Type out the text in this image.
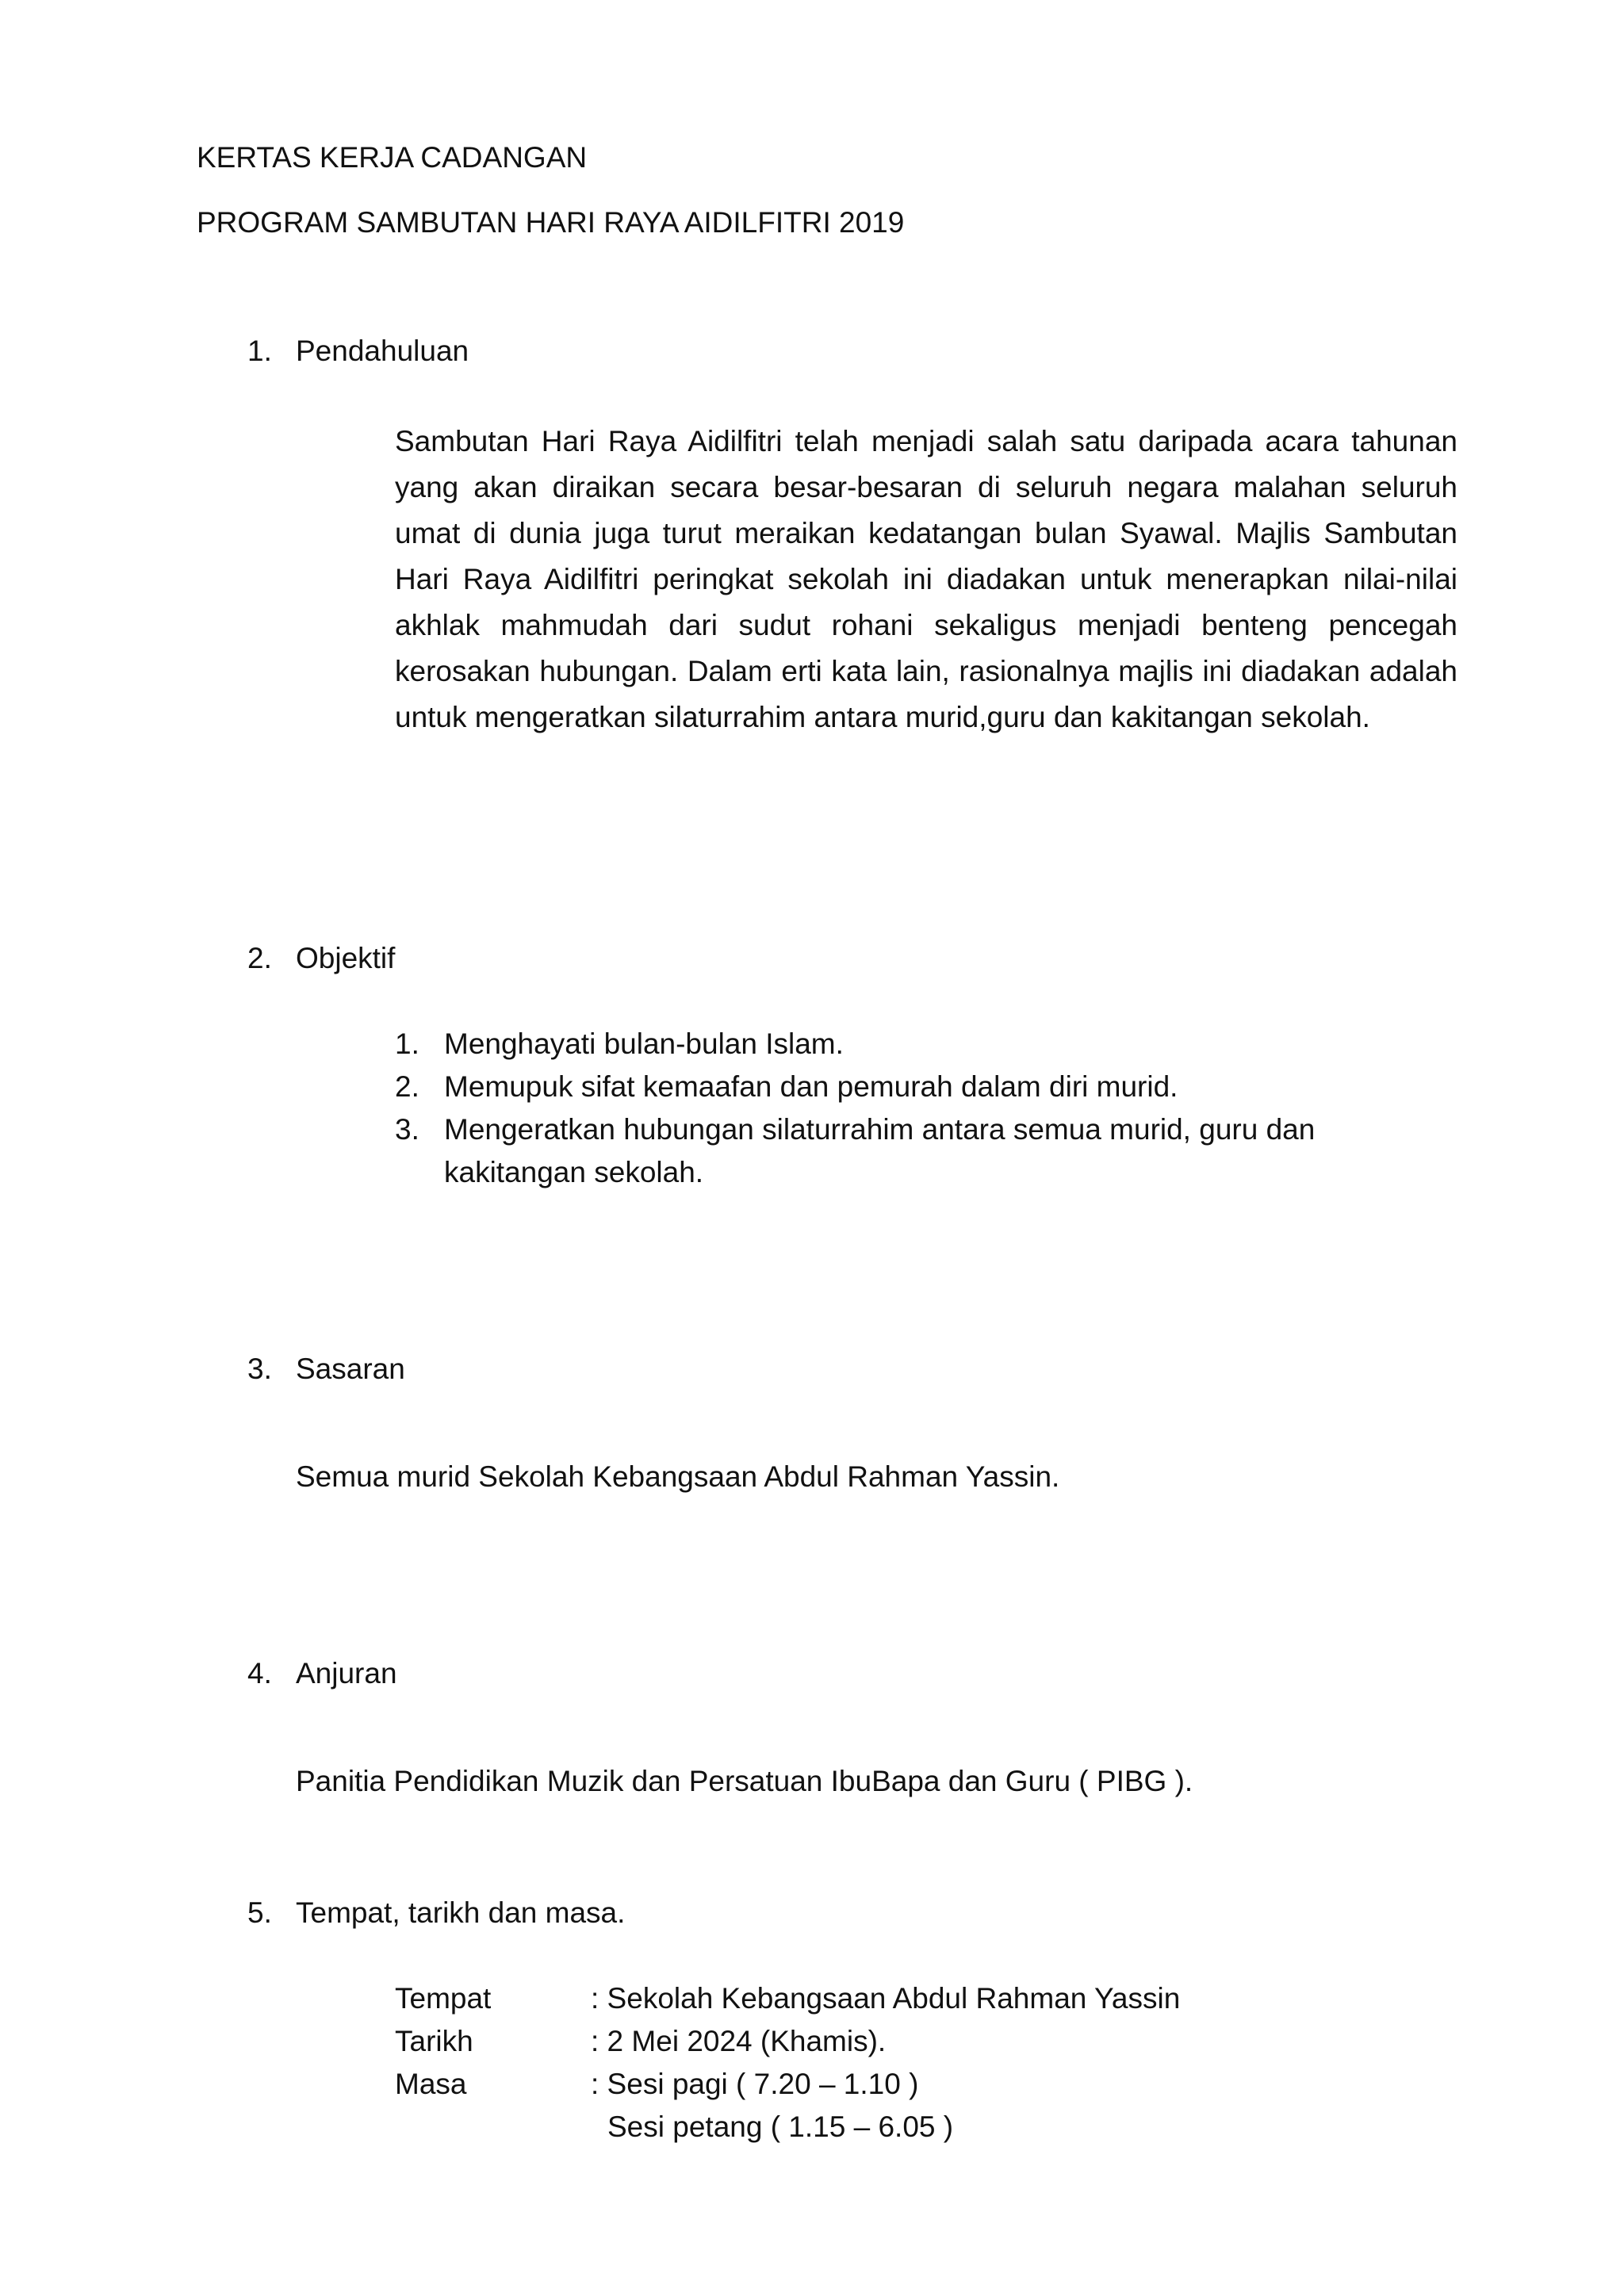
KERTAS KERJA CADANGAN
PROGRAM SAMBUTAN HARI RAYA AIDILFITRI 2019
1. Pendahuluan
Sambutan Hari Raya Aidilfitri telah menjadi salah satu daripada acara tahunan yang akan diraikan secara besar-besaran di seluruh negara malahan seluruh umat di dunia juga turut meraikan kedatangan bulan Syawal. Majlis Sambutan Hari Raya Aidilfitri peringkat sekolah ini diadakan untuk menerapkan nilai-nilai akhlak mahmudah dari sudut rohani sekaligus menjadi benteng pencegah kerosakan hubungan. Dalam erti kata lain, rasionalnya majlis ini diadakan adalah untuk mengeratkan silaturrahim antara murid,guru dan kakitangan sekolah.
2. Objektif
1. Menghayati bulan-bulan Islam.
2. Memupuk sifat kemaafan dan pemurah dalam diri murid.
3. Mengeratkan hubungan silaturrahim antara semua murid, guru dan kakitangan sekolah.
3. Sasaran
Semua murid Sekolah Kebangsaan Abdul Rahman Yassin.
4. Anjuran
Panitia Pendidikan Muzik dan Persatuan IbuBapa dan Guru ( PIBG ).
5. Tempat, tarikh dan masa.
Tempat	: Sekolah Kebangsaan Abdul Rahman Yassin
Tarikh	: 2 Mei 2024 (Khamis).
Masa	: Sesi pagi ( 7.20 – 1.10 )
Sesi petang ( 1.15 – 6.05 )
